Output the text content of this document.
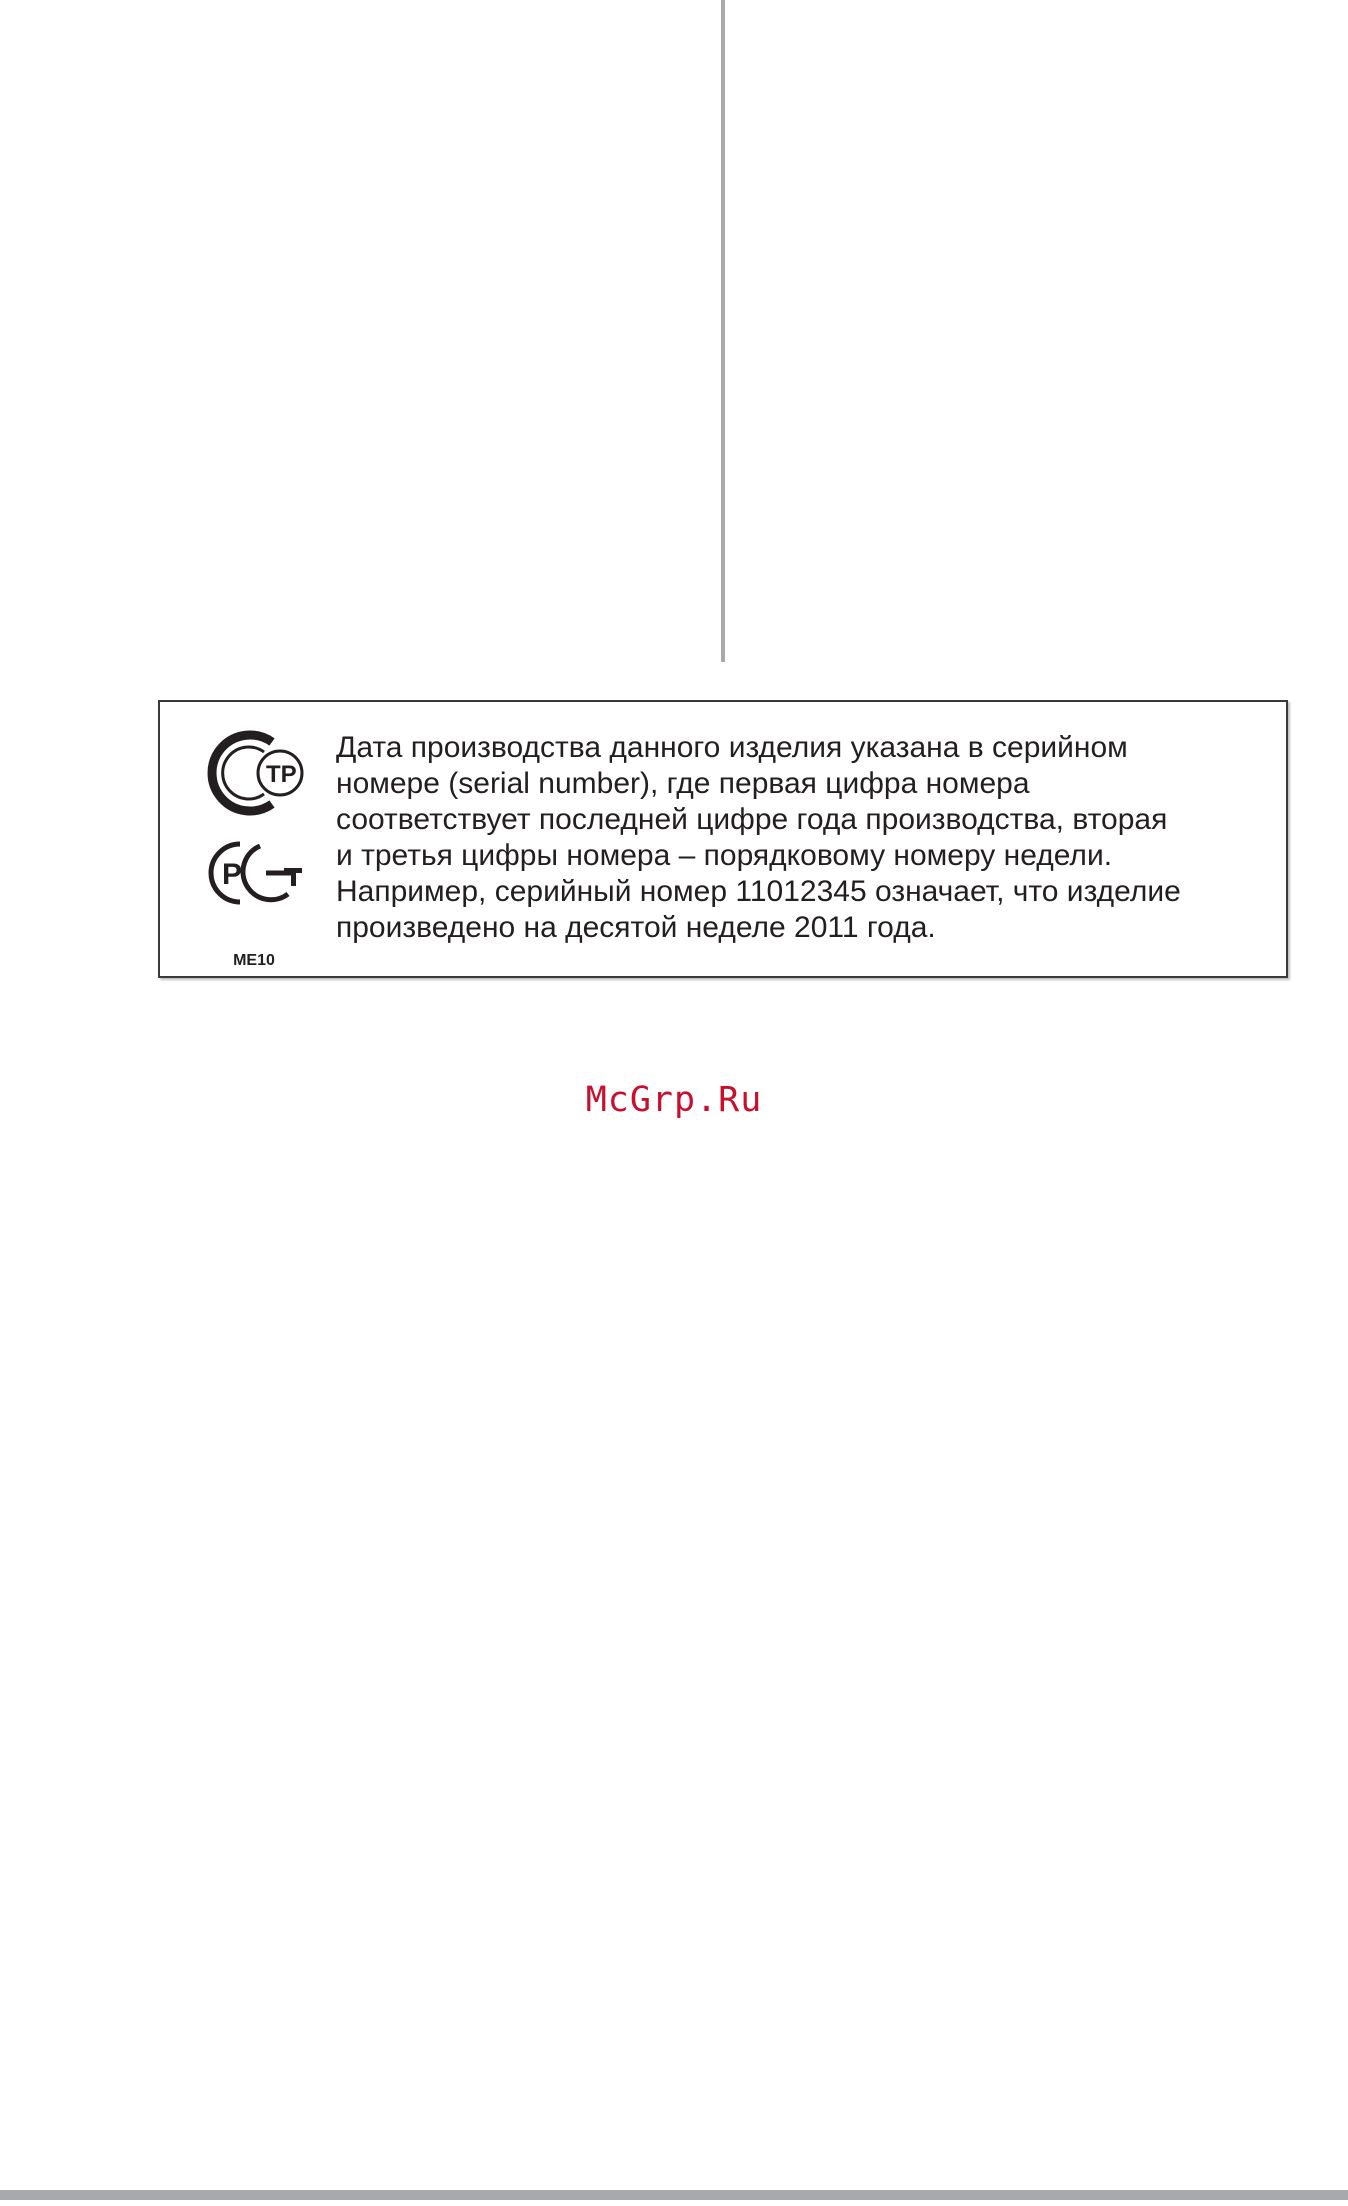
ТР
Р
ME10

Дата производства данного изделия указана в серийном
номере (serial number), где первая цифра номера
соответствует последней цифре года производства, вторая
и третья цифры номера – порядковому номеру недели.
Например, серийный номер 11012345 означает, что изделие
произведено на десятой неделе 2011 года.

McGrp.Ru
